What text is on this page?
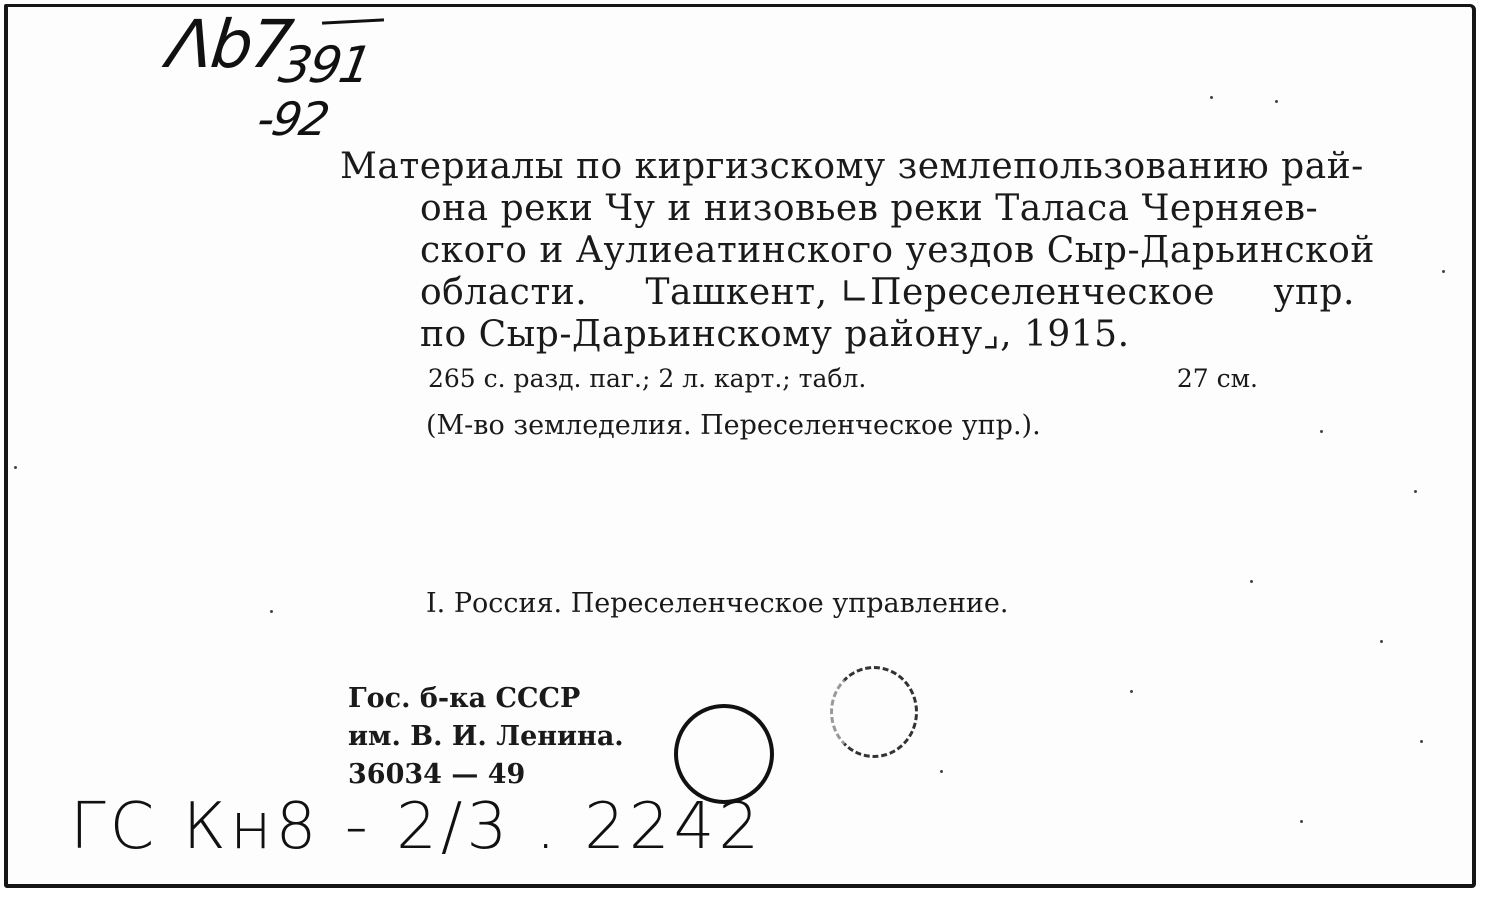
Λb7
391
-92
Материалы по киргизскому землепользованию рай-
она реки Чу и низовьев реки Таласа Черняев-
ского и Аулиеатинского уездов Сыр-Дарьинской
области. Ташкент, ∟Переселенческое упр.
по Сыр-Дарьинскому району⌟, 1915.
265 с. разд. паг.; 2 л. карт.; табл.	27 см.
(М-во земледелия. Переселенческое упр.).
I. Россия. Переселенческое управление.
Гос. б-ка СССР
им. В. И. Ленина.
36034 — 49
ГС Кн8 - 2/3 . 2242
